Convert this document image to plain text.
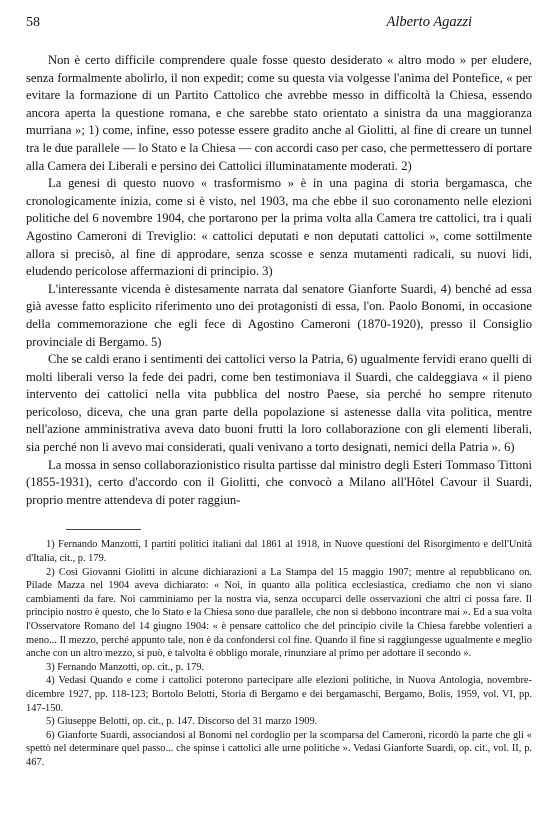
58	Alberto Agazzi

Non è certo difficile comprendere quale fosse questo desiderato « altro modo » per eludere, senza formalmente abolirlo, il non expedit; come su questa via volgesse l'anima del Pontefice, « per evitare la formazione di un Partito Cattolico che avrebbe messo in difficoltà la Chiesa, essendo ancora aperta la questione romana, e che sarebbe stato orientato a sinistra da una maggioranza murriana »; 1) come, infine, esso potesse essere gradito anche al Giolitti, al fine di creare un tunnel tra le due parallele — lo Stato e la Chiesa — con accordi caso per caso, che permettessero di portare alla Camera dei Liberali e persino dei Cattolici illuminatamente moderati. 2)

La genesi di questo nuovo « trasformismo » è in una pagina di storia bergamasca, che cronologicamente inizia, come si è visto, nel 1903, ma che ebbe il suo coronamento nelle elezioni politiche del 6 novembre 1904, che portarono per la prima volta alla Camera tre cattolici, tra i quali Agostino Cameroni di Treviglio: « cattolici deputati e non deputati cattolici », come sottilmente allora si precisò, al fine di approdare, senza scosse e senza mutamenti radicali, su nuovi lidi, eludendo pericolose affermazioni di principio. 3)

L'interessante vicenda è distesamente narrata dal senatore Gianforte Suardi, 4) benché ad essa già avesse fatto esplicito riferimento uno dei protagonisti di essa, l'on. Paolo Bonomi, in occasione della commemorazione che egli fece di Agostino Cameroni (1870-1920), presso il Consiglio provinciale di Bergamo. 5)

Che se caldi erano i sentimenti dei cattolici verso la Patria, 6) ugualmente fervidi erano quelli di molti liberali verso la fede dei padri, come ben testimoniava il Suardi, che caldeggiava « il pieno intervento dei cattolici nella vita pubblica del nostro Paese, sia perché ho sempre ritenuto pericoloso, diceva, che una gran parte della popolazione si astenesse dalla vita politica, mentre nell'azione amministrativa aveva dato buoni frutti la loro collaborazione con gli elementi liberali, sia perché non li avevo mai considerati, quali venivano a torto designati, nemici della Patria ». 6)

La mossa in senso collaborazionistico risulta partisse dal ministro degli Esteri Tommaso Tittoni (1855-1931), certo d'accordo con il Giolitti, che convocò a Milano all'Hôtel Cavour il Suardi, proprio mentre attendeva di poter raggiun-

1) Fernando Manzotti, I partiti politici italiani dal 1861 al 1918, in Nuove questioni del Risorgimento e dell'Unità d'Italia, cit., p. 179.

2) Così Giovanni Giolitti in alcune dichiarazioni a La Stampa del 15 maggio 1907; mentre al repubblicano on. Pilade Mazza nel 1904 aveva dichiarato: « Noi, in quanto alla politica ecclesiastica, crediamo che non vi siano cambiamenti da fare. Noi camminiamo per la nostra via, senza occuparci delle osservazioni che altri ci possa fare. Il principio nostro è questo, che lo Stato e la Chiesa sono due parallele, che non si debbono incontrare mai ». Ed a sua volta l'Osservatore Romano del 14 giugno 1904: « è pensare cattolico che del principio civile la Chiesa farebbe volentieri a meno... Il mezzo, perché appunto tale, non è da confondersi col fine. Quando il fine si raggiungesse ugualmente e meglio anche con un altro mezzo, si può, e talvolta è obbligo morale, rinunziare al primo per adottare il secondo ».

3) Fernando Manzotti, op. cit., p. 179.

4) Vedasi Quando e come i cattolici poterono partecipare alle elezioni politiche, in Nuova Antologia, novembre-dicembre 1927, pp. 118-123; Bortolo Belotti, Storia di Bergamo e dei bergamaschi, Bergamo, Bolis, 1959, vol. VI, pp. 147-150.

5) Giuseppe Belotti, op. cit., p. 147. Discorso del 31 marzo 1909.

6) Gianforte Suardi, associandosi al Bonomi nel cordoglio per la scomparsa del Cameroni, ricordò la parte che gli « spettò nel determinare quel passo... che spinse i cattolici alle urne politiche ». Vedasi Gianforte Suardi, op. cit., vol. II, p. 467.
